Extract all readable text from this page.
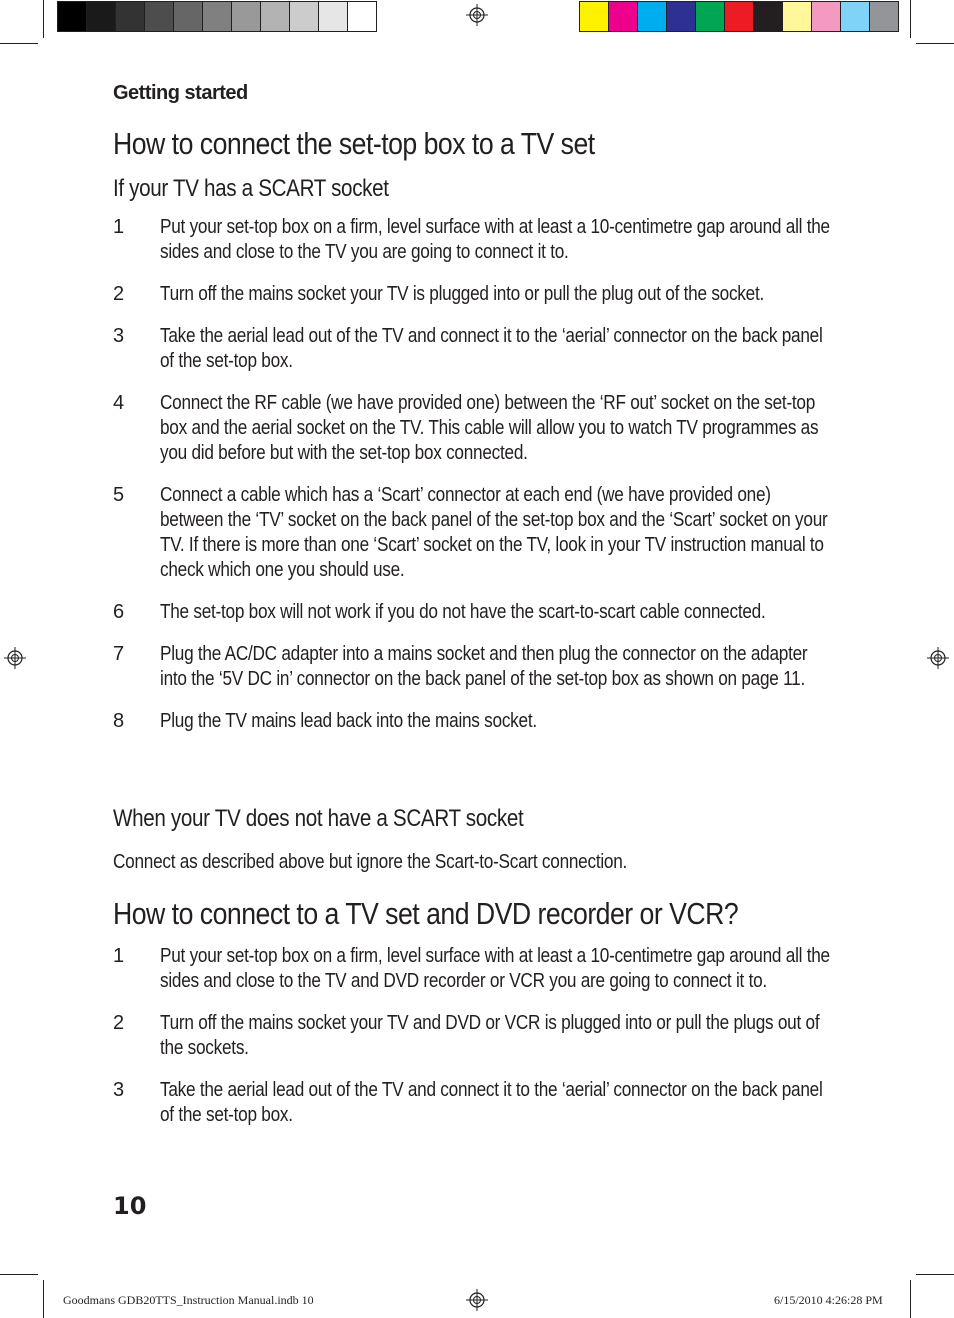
Getting started
How to connect the set-top box to a TV set
If your TV has a SCART socket
1 Put your set-top box on a firm, level surface with at least a 10-centimetre gap around all the sides and close to the TV you are going to connect it to.
2 Turn off the mains socket your TV is plugged into or pull the plug out of the socket.
3 Take the aerial lead out of the TV and connect it to the ‘aerial’ connector on the back panel of the set-top box.
4 Connect the RF cable (we have provided one) between the ‘RF out’ socket on the set-top box and the aerial socket on the TV. This cable will allow you to watch TV programmes as you did before but with the set-top box connected.
5 Connect a cable which has a ‘Scart’ connector at each end (we have provided one) between the ‘TV’ socket on the back panel of the set-top box and the ‘Scart’ socket on your TV. If there is more than one ‘Scart’ socket on the TV, look in your TV instruction manual to check which one you should use.
6 The set-top box will not work if you do not have the scart-to-scart cable connected.
7 Plug the AC/DC adapter into a mains socket and then plug the connector on the adapter into the ‘5V DC in’ connector on the back panel of the set-top box as shown on page 11.
8 Plug the TV mains lead back into the mains socket.
When your TV does not have a SCART socket
Connect as described above but ignore the Scart-to-Scart connection.
How to connect to a TV set and DVD recorder or VCR?
1 Put your set-top box on a firm, level surface with at least a 10-centimetre gap around all the sides and close to the TV and DVD recorder or VCR you are going to connect it to.
2 Turn off the mains socket your TV and DVD or VCR is plugged into or pull the plugs out of the sockets.
3 Take the aerial lead out of the TV and connect it to the ‘aerial’ connector on the back panel of the set-top box.
10
Goodmans GDB20TTS_Instruction Manual.indb 10	6/15/2010 4:26:28 PM
